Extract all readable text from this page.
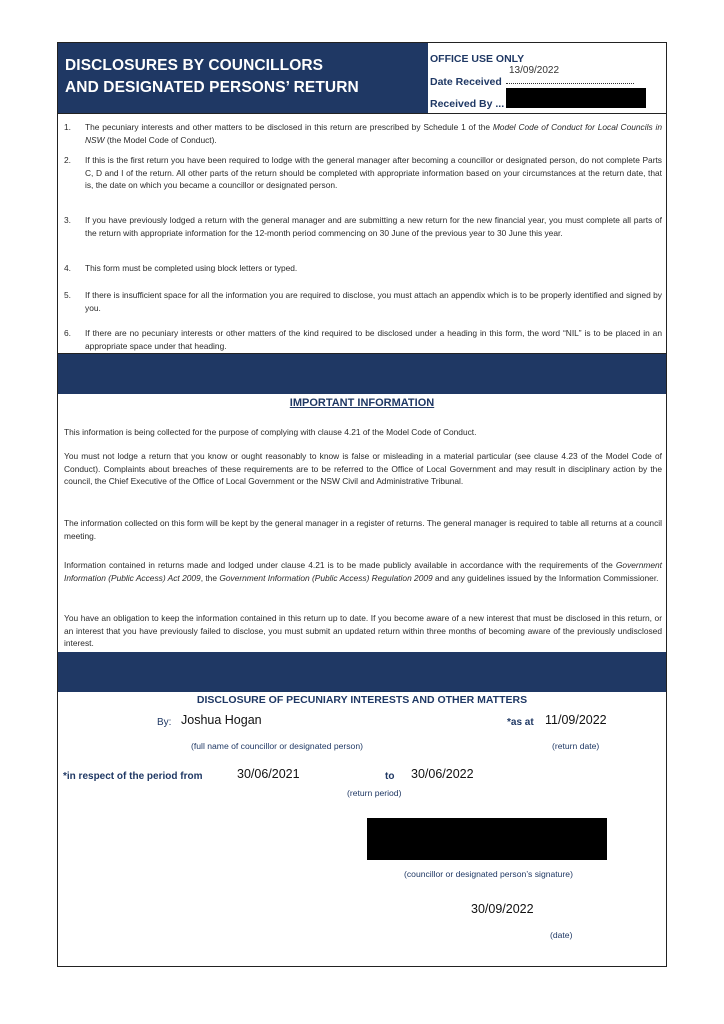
DISCLOSURES BY COUNCILLORS
AND DESIGNATED PERSONS’ RETURN
OFFICE USE ONLY
13/09/2022
Date Received
Received By ...
1. The pecuniary interests and other matters to be disclosed in this return are prescribed by Schedule 1 of the Model Code of Conduct for Local Councils in NSW (the Model Code of Conduct).
2. If this is the first return you have been required to lodge with the general manager after becoming a councillor or designated person, do not complete Parts C, D and I of the return. All other parts of the return should be completed with appropriate information based on your circumstances at the return date, that is, the date on which you became a councillor or designated person.
3. If you have previously lodged a return with the general manager and are submitting a new return for the new financial year, you must complete all parts of the return with appropriate information for the 12-month period commencing on 30 June of the previous year to 30 June this year.
4. This form must be completed using block letters or typed.
5. If there is insufficient space for all the information you are required to disclose, you must attach an appendix which is to be properly identified and signed by you.
6. If there are no pecuniary interests or other matters of the kind required to be disclosed under a heading in this form, the word “NIL” is to be placed in an appropriate space under that heading.
IMPORTANT INFORMATION
This information is being collected for the purpose of complying with clause 4.21 of the Model Code of Conduct.
You must not lodge a return that you know or ought reasonably to know is false or misleading in a material particular (see clause 4.23 of the Model Code of Conduct). Complaints about breaches of these requirements are to be referred to the Office of Local Government and may result in disciplinary action by the council, the Chief Executive of the Office of Local Government or the NSW Civil and Administrative Tribunal.
The information collected on this form will be kept by the general manager in a register of returns. The general manager is required to table all returns at a council meeting.
Information contained in returns made and lodged under clause 4.21 is to be made publicly available in accordance with the requirements of the Government Information (Public Access) Act 2009, the Government Information (Public Access) Regulation 2009 and any guidelines issued by the Information Commissioner.
You have an obligation to keep the information contained in this return up to date. If you become aware of a new interest that must be disclosed in this return, or an interest that you have previously failed to disclose, you must submit an updated return within three months of becoming aware of the previously undisclosed interest.
DISCLOSURE OF PECUNIARY INTERESTS AND OTHER MATTERS
By: Joshua Hogan
(full name of councillor or designated person)
*as at 11/09/2022
(return date)
*in respect of the period from	30/06/2021	to 30/06/2022
(return period)
(councillor or designated person’s signature)
30/09/2022
(date)
